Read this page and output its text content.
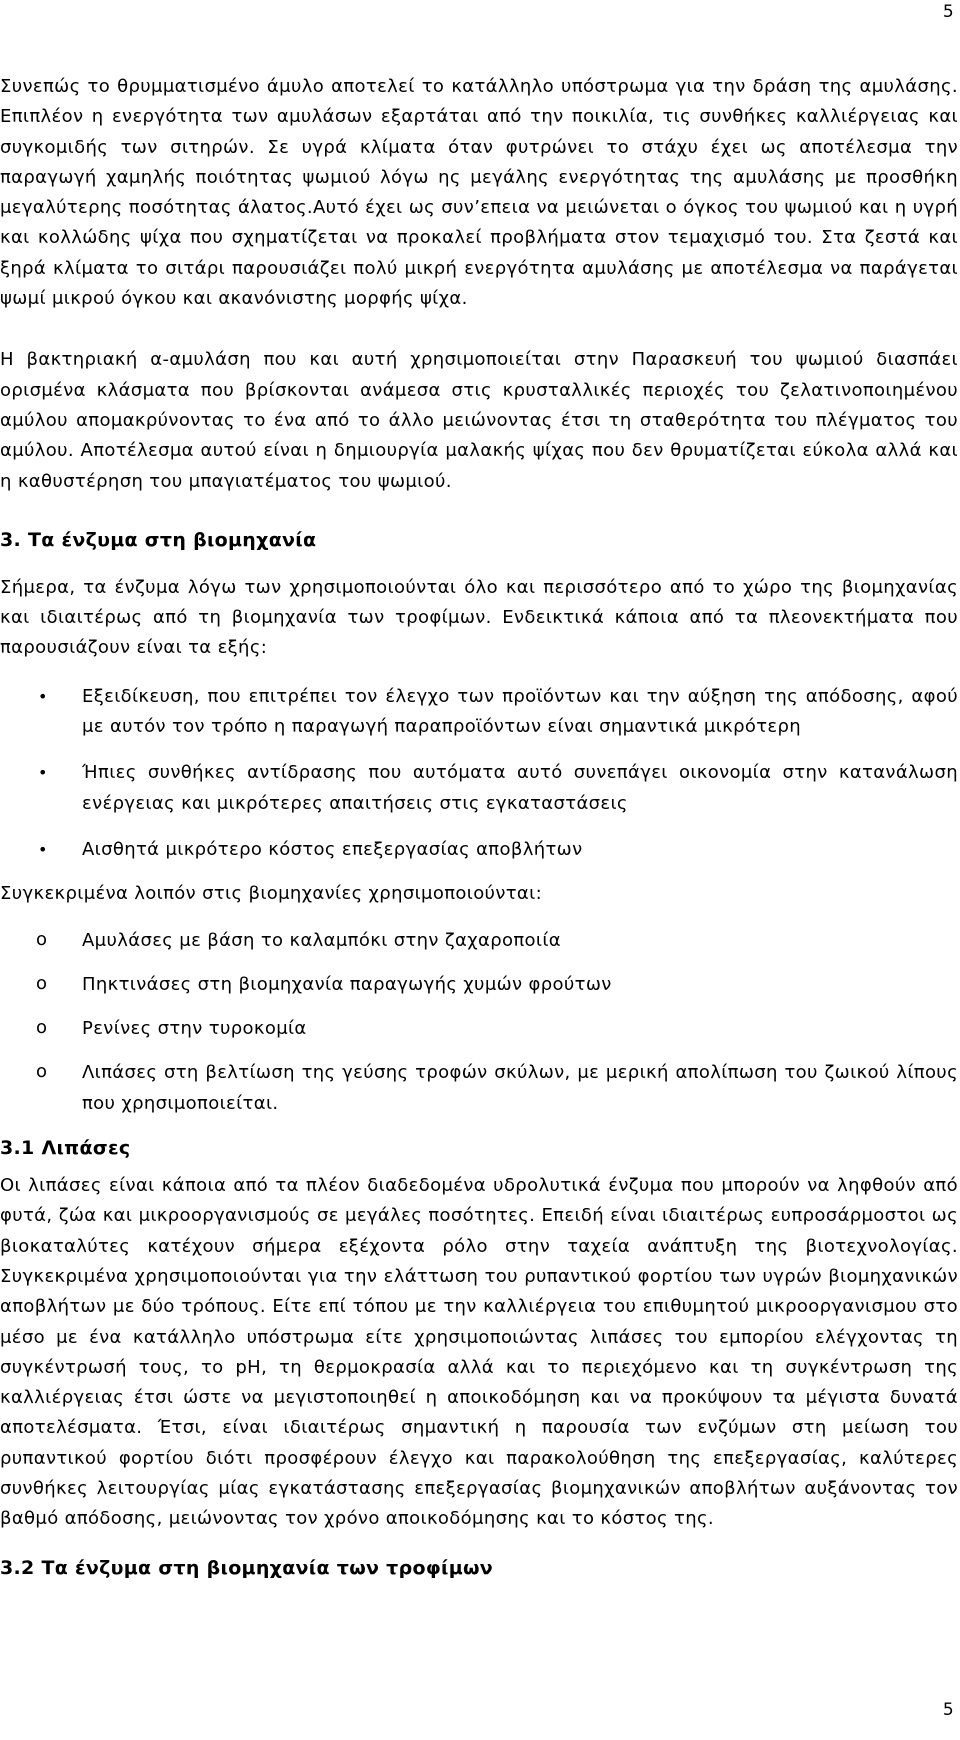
5

Συνεπώς το θρυμματισμένο άμυλο αποτελεί το κατάλληλο υπόστρωμα για την δράση της αμυλάσης. Επιπλέον η ενεργότητα των αμυλάσων εξαρτάται από την ποικιλία, τις συνθήκες καλλιέργειας και συγκομιδής των σιτηρών. Σε υγρά κλίματα όταν φυτρώνει το στάχυ έχει ως αποτέλεσμα την παραγωγή χαμηλής ποιότητας ψωμιού λόγω ης μεγάλης ενεργότητας της αμυλάσης με προσθήκη μεγαλύτερης ποσότητας άλατος.Αυτό έχει ως συν’επεια να μειώνεται ο όγκος του ψωμιού και η υγρή και κολλώδης ψίχα που σχηματίζεται να προκαλεί προβλήματα στον τεμαχισμό του. Στα ζεστά και ξηρά κλίματα το σιτάρι παρουσιάζει πολύ μικρή ενεργότητα αμυλάσης με αποτέλεσμα να παράγεται ψωμί μικρού όγκου και ακανόνιστης μορφής ψίχα.

Η βακτηριακή α-αμυλάση που και αυτή χρησιμοποιείται στην Παρασκευή του ψωμιού διασπάει ορισμένα κλάσματα που βρίσκονται ανάμεσα στις κρυσταλλικές περιοχές του ζελατινοποιημένου αμύλου απομακρύνοντας το ένα από το άλλο μειώνοντας έτσι τη σταθερότητα του πλέγματος του αμύλου. Αποτέλεσμα αυτού είναι η δημιουργία μαλακής ψίχας που δεν θρυματίζεται εύκολα αλλά και η καθυστέρηση του μπαγιατέματος του ψωμιού.

3. Τα ένζυμα στη βιομηχανία

Σήμερα, τα ένζυμα λόγω των χρησιμοποιούνται όλο και περισσότερο από το χώρο της βιομηχανίας και ιδιαιτέρως από τη βιομηχανία των τροφίμων. Ενδεικτικά κάποια από τα πλεονεκτήματα που παρουσιάζουν είναι τα εξής:

• Εξειδίκευση, που επιτρέπει τον έλεγχο των προϊόντων και την αύξηση της απόδοσης, αφού με αυτόν τον τρόπο η παραγωγή παραπροϊόντων είναι σημαντικά μικρότερη
• Ήπιες συνθήκες αντίδρασης που αυτόματα αυτό συνεπάγει οικονομία στην κατανάλωση ενέργειας και μικρότερες απαιτήσεις στις εγκαταστάσεις
• Αισθητά μικρότερο κόστος επεξεργασίας αποβλήτων

Συγκεκριμένα λοιπόν στις βιομηχανίες χρησιμοποιούνται:

o Αμυλάσες με βάση το καλαμπόκι στην ζαχαροποιία
o Πηκτινάσες στη βιομηχανία παραγωγής χυμών φρούτων
o Ρενίνες στην τυροκομία
o Λιπάσες στη βελτίωση της γεύσης τροφών σκύλων, με μερική απολίπωση του ζωικού λίπους που χρησιμοποιείται.
3.1 Λιπάσες

Οι λιπάσες είναι κάποια από τα πλέον διαδεδομένα υδρολυτικά ένζυμα που μπορούν να ληφθούν από φυτά, ζώα και μικροοργανισμούς σε μεγάλες ποσότητες. Επειδή είναι ιδιαιτέρως ευπροσάρμοστοι ως βιοκαταλύτες κατέχουν σήμερα εξέχοντα ρόλο στην ταχεία ανάπτυξη της βιοτεχνολογίας. Συγκεκριμένα χρησιμοποιούνται για την ελάττωση του ρυπαντικού φορτίου των υγρών βιομηχανικών αποβλήτων με δύο τρόπους. Είτε επί τόπου με την καλλιέργεια του επιθυμητού μικροοργανισμου στο μέσο με ένα κατάλληλο υπόστρωμα είτε χρησιμοποιώντας λιπάσες του εμπορίου ελέγχοντας τη συγκέντρωσή τους, το pH, τη θερμοκρασία αλλά και το περιεχόμενο και τη συγκέντρωση της καλλιέργειας έτσι ώστε να μεγιστοποιηθεί η αποικοδόμηση και να προκύψουν τα μέγιστα δυνατά αποτελέσματα. Έτσι, είναι ιδιαιτέρως σημαντική η παρουσία των ενζύμων στη μείωση του ρυπαντικού φορτίου διότι προσφέρουν έλεγχο και παρακολούθηση της επεξεργασίας, καλύτερες συνθήκες λειτουργίας μίας εγκατάστασης επεξεργασίας βιομηχανικών αποβλήτων αυξάνοντας τον βαθμό απόδοσης, μειώνοντας τον χρόνο αποικοδόμησης και το κόστος της.

3.2 Τα ένζυμα στη βιομηχανία των τροφίμων
5
